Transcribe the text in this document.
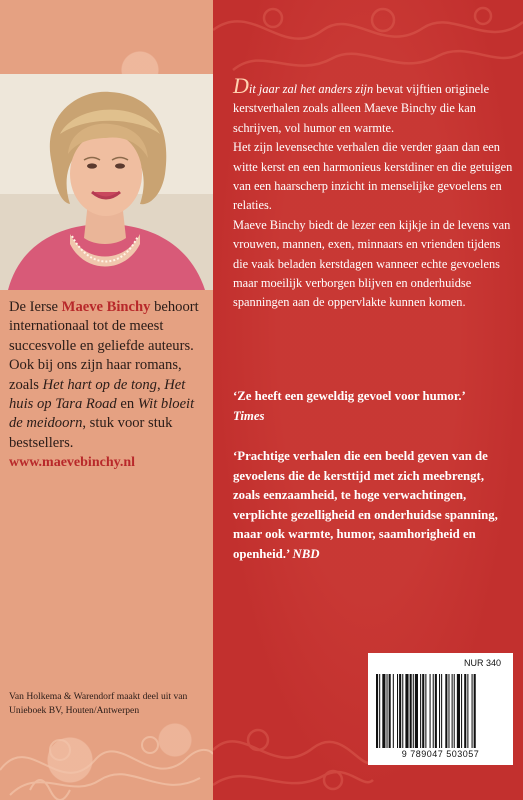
De Ierse Maeve Binchy behoort internationaal tot de meest succesvolle en geliefde auteurs. Ook bij ons zijn haar romans, zoals Het hart op de tong, Het huis op Tara Road en Wit bloeit de meidoorn, stuk voor stuk bestsellers.
www.maevebinchy.nl
Van Holkema & Warendorf maakt deel uit van Unieboek BV, Houten/Antwerpen

Dit jaar zal het anders zijn bevat vijftien originele kerstverhalen zoals alleen Maeve Binchy die kan schrijven, vol humor en warmte.

Het zijn levensechte verhalen die verder gaan dan een witte kerst en een harmonieus kerstdiner en die getuigen van een haarscherp inzicht in menselijke gevoelens en relaties.

Maeve Binchy biedt de lezer een kijkje in de levens van vrouwen, mannen, exen, minnaars en vrienden tijdens die vaak beladen kerstdagen wanneer echte gevoelens maar moeilijk verborgen blijven en onderhuidse spanningen aan de oppervlakte kunnen komen.

‘Ze heeft een geweldig gevoel voor humor.’
Times
‘Prachtige verhalen die een beeld geven van de gevoelens die de kersttijd met zich meebrengt, zoals eenzaamheid, te hoge verwachtingen, verplichte gezelligheid en onderhuidse spanning, maar ook warmte, humor, saamhorigheid en openheid.’ NBD
NUR 340
9 789047 503057
